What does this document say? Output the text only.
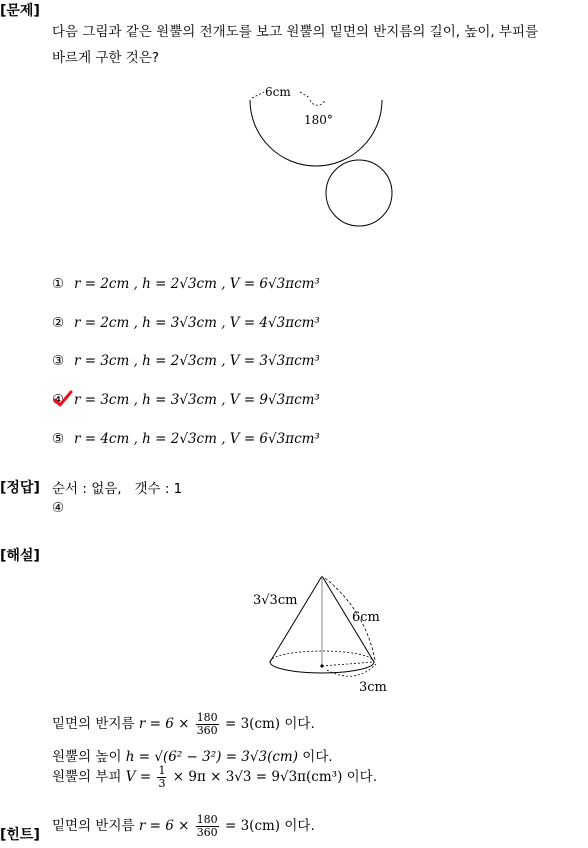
[문제]
다음 그림과 같은 원뿔의 전개도를 보고 원뿔의 밑면의 반지름의 길이, 높이, 부피를
바르게 구한 것은?
6cm
180°
① r = 2cm , h = 2√3cm , V = 6√3πcm³
② r = 2cm , h = 3√3cm , V = 4√3πcm³
③ r = 3cm , h = 2√3cm , V = 3√3πcm³
④ r = 3cm , h = 3√3cm , V = 9√3πcm³
⑤ r = 4cm , h = 2√3cm , V = 6√3πcm³
[정답] 순서 : 없음,   갯수 : 1
④
[해설]
3√3cm
6cm
3cm
밑면의 반지름 $r = 6 \times \frac{180}{360} = 3(cm)$ 이다.
원뿔의 높이 h = √(6² − 3²) = 3√3(cm) 이다.
원뿔의 부피 $V = \frac{1}{3} \times 9\pi \times 3√3 = 9√3\pi(cm^3)$ 이다.
[힌트]
밑면의 반지름 $r = 6 \times \frac{180}{360} = 3(cm)$ 이다.
